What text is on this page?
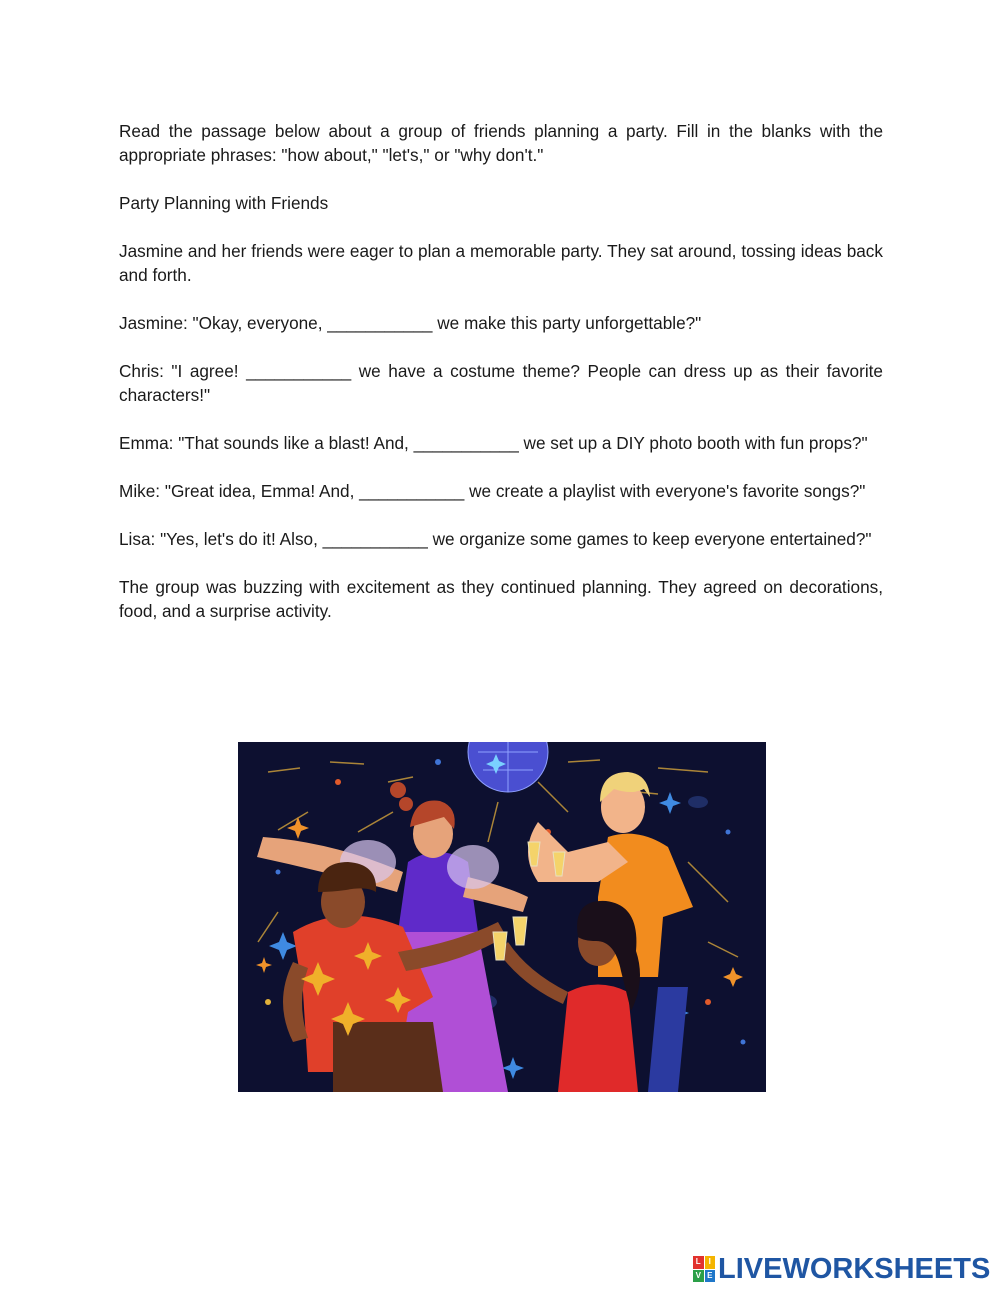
Read the passage below about a group of friends planning a party. Fill in the blanks with the appropriate phrases: "how about," "let's," or "why don't."

Party Planning with Friends

Jasmine and her friends were eager to plan a memorable party. They sat around, tossing ideas back and forth.

Jasmine: "Okay, everyone, ___________ we make this party unforgettable?"

Chris: "I agree! ___________ we have a costume theme? People can dress up as their favorite characters!"

Emma: "That sounds like a blast! And, ___________ we set up a DIY photo booth with fun props?"

Mike: "Great idea, Emma! And, ___________ we create a playlist with everyone's favorite songs?"

Lisa: "Yes, let's do it! Also, ___________ we organize some games to keep everyone entertained?"

The group was buzzing with excitement as they continued planning. They agreed on decorations, food, and a surprise activity.

L I
V E LIVEWORKSHEETS
